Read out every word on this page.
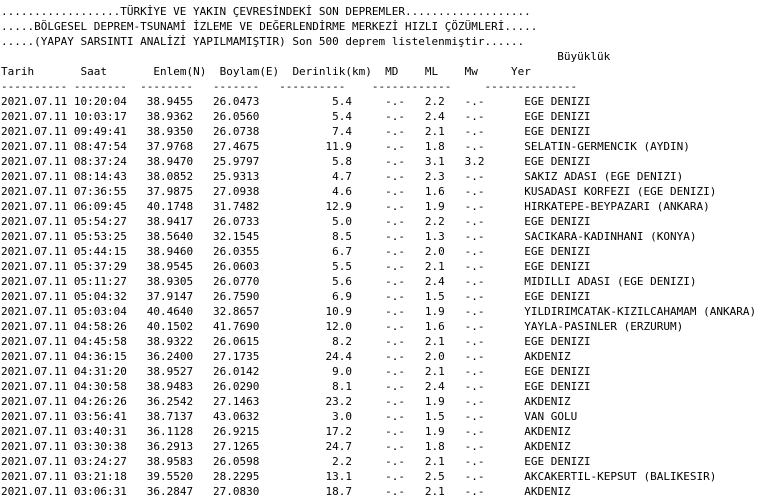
..................TÜRKİYE VE YAKIN ÇEVRESİNDEKİ SON DEPREMLER...................
.....BÖLGESEL DEPREM-TSUNAMİ İZLEME VE DEĞERLENDİRME MERKEZİ HIZLI ÇÖZÜMLERİ.....
.....(YAPAY SARSINTI ANALİZİ YAPILMAMIŞTIR) Son 500 deprem listelenmiştir......
Büyüklük
Tarih	Saat	Enlem(N) Boylam(E) Derinlik(km) MD ML Mw	Yer
---------- --------  --------   -------   ----------    ------------     --------------
2021.07.11 10:20:04 38.9455 26.0473	5.4	-.- 2.2 -.-	EGE DENIZI
2021.07.11 10:03:17 38.9362 26.0560	5.4	-.- 2.4 -.-	EGE DENIZI
2021.07.11 09:49:41 38.9350 26.0738	7.4	-.- 2.1 -.-	EGE DENIZI
2021.07.11 08:47:54 37.9768 27.4675	11.9	-.- 1.8 -.-	SELATIN-GERMENCIK (AYDIN)
2021.07.11 08:37:24 38.9470 25.9797	5.8	-.- 3.1 3.2	EGE DENIZI
2021.07.11 08:14:43 38.0852 25.9313	4.7	-.- 2.3 -.-	SAKIZ ADASI (EGE DENIZI)
2021.07.11 07:36:55 37.9875 27.0938	4.6	-.- 1.6 -.-	KUSADASI KORFEZI (EGE DENIZI)
2021.07.11 06:09:45 40.1748 31.7482	12.9	-.- 1.9 -.-	HIRKATEPE-BEYPAZARI (ANKARA)
2021.07.11 05:54:27 38.9417 26.0733	5.0	-.- 2.2 -.-	EGE DENIZI
2021.07.11 05:53:25 38.5640 32.1545	8.5	-.- 1.3 -.-	SACIKARA-KADINHANI (KONYA)
2021.07.11 05:44:15 38.9460 26.0355	6.7	-.- 2.0 -.-	EGE DENIZI
2021.07.11 05:37:29 38.9545 26.0603	5.5	-.- 2.1 -.-	EGE DENIZI
2021.07.11 05:11:27 38.9305 26.0770	5.6	-.- 2.4 -.-	MIDILLI ADASI (EGE DENIZI)
2021.07.11 05:04:32 37.9147 26.7590	6.9	-.- 1.5 -.-	EGE DENIZI
2021.07.11 05:03:04 40.4640 32.8657	10.9	-.- 1.9 -.-	YILDIRIMCATAK-KIZILCAHAMAM (ANKARA)
2021.07.11 04:58:26 40.1502 41.7690	12.0	-.- 1.6 -.-	YAYLA-PASINLER (ERZURUM)
2021.07.11 04:45:58 38.9322 26.0615	8.2	-.- 2.1 -.-	EGE DENIZI
2021.07.11 04:36:15 36.2400 27.1735	24.4	-.- 2.0 -.-	AKDENIZ
2021.07.11 04:31:20 38.9527 26.0142	9.0	-.- 2.1 -.-	EGE DENIZI
2021.07.11 04:30:58 38.9483 26.0290	8.1	-.- 2.4 -.-	EGE DENIZI
2021.07.11 04:26:26 36.2542 27.1463	23.2	-.- 1.9 -.-	AKDENIZ
2021.07.11 03:56:41 38.7137 43.0632	3.0	-.- 1.5 -.-	VAN GOLU
2021.07.11 03:40:31 36.1128 26.9215	17.2	-.- 1.9 -.-	AKDENIZ
2021.07.11 03:30:38 36.2913 27.1265	24.7	-.- 1.8 -.-	AKDENIZ
2021.07.11 03:24:27 38.9583 26.0598	2.2	-.- 2.1 -.-	EGE DENIZI
2021.07.11 03:21:18 39.5520 28.2295	13.1	-.- 2.5 -.-	AKCAKERTIL-KEPSUT (BALIKESIR)
2021.07.11 03:06:31 36.2847 27.0830	18.7	-.- 2.1 -.-	AKDENIZ
